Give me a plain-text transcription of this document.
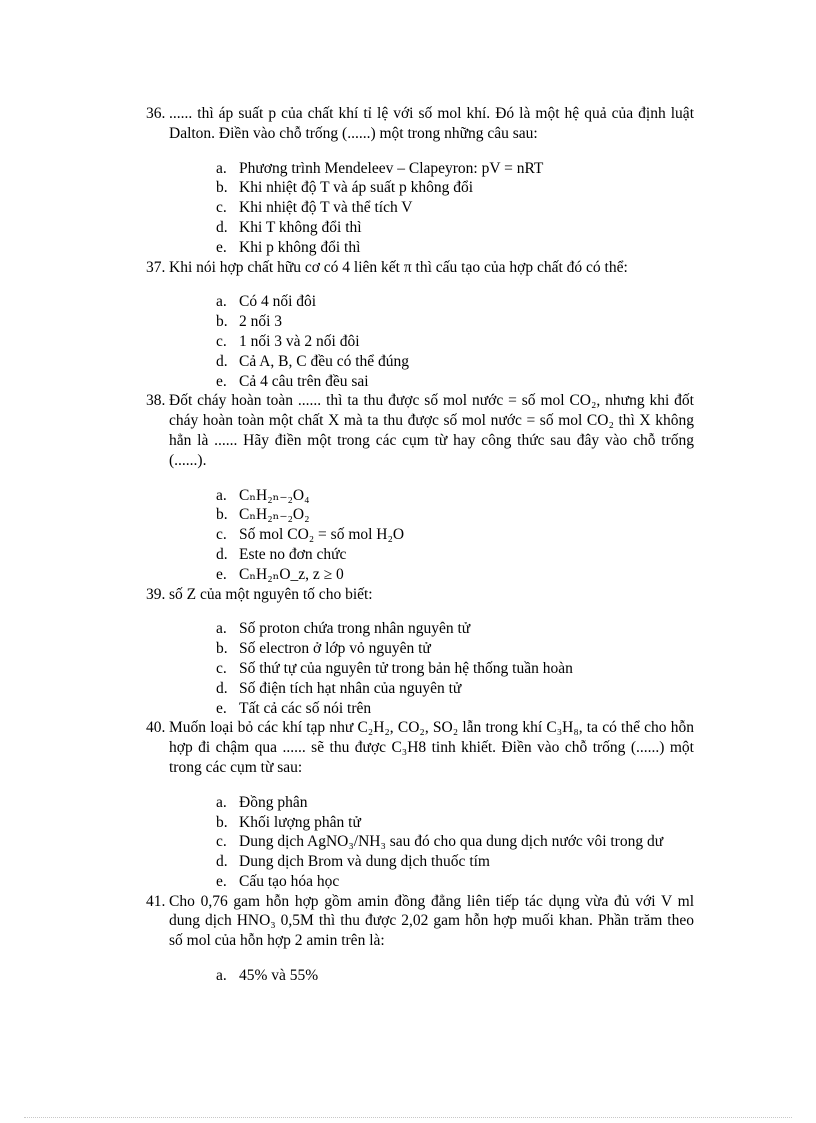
36. ...... thì áp suất p của chất khí tỉ lệ với số mol khí. Đó là một hệ quả của định luật Dalton. Điền vào chỗ trống (......) một trong những câu sau:
a. Phương trình Mendeleev – Clapeyron: pV = nRT
b. Khi nhiệt độ T và áp suất p không đổi
c. Khi nhiệt độ T và thể tích V
d. Khi T không đổi thì
e. Khi p không đổi thì
37. Khi nói hợp chất hữu cơ có 4 liên kết π thì cấu tạo của hợp chất đó có thể:
a. Có 4 nối đôi
b. 2 nối 3
c. 1 nối 3 và 2 nối đôi
d. Cả A, B, C đều có thể đúng
e. Cả 4 câu trên đều sai
38. Đốt cháy hoàn toàn ...... thì ta thu được số mol nước = số mol CO₂, nhưng khi đốt cháy hoàn toàn một chất X mà ta thu được số mol nước = số mol CO₂ thì X không hẳn là ...... Hãy điền một trong các cụm từ hay công thức sau đây vào chỗ trống (......).
a. CₙH₂ₙ₋₂O₄
b. CₙH₂ₙ₋₂O₂
c. Số mol CO₂ = số mol H₂O
d. Este no đơn chức
e. CₙH₂ₙO_z, z ≥ 0
39. số Z của một nguyên tố cho biết:
a. Số proton chứa trong nhân nguyên tử
b. Số electron ở lớp vỏ nguyên tử
c. Số thứ tự của nguyên tử trong bản hệ thống tuần hoàn
d. Số điện tích hạt nhân của nguyên tử
e. Tất cả các số nói trên
40. Muốn loại bỏ các khí tạp như C₂H₂, CO₂, SO₂ lẫn trong khí C₃H₈, ta có thể cho hỗn hợp đi chậm qua ...... sẽ thu được C₃H8 tinh khiết. Điền vào chỗ trống (......) một trong các cụm từ sau:
a. Đồng phân
b. Khối lượng phân tử
c. Dung dịch AgNO₃/NH₃ sau đó cho qua dung dịch nước vôi trong dư
d. Dung dịch Brom và dung dịch thuốc tím
e. Cấu tạo hóa học
41. Cho 0,76 gam hỗn hợp gồm amin đồng đẳng liên tiếp tác dụng vừa đủ với V ml dung dịch HNO₃ 0,5M thì thu được 2,02 gam hỗn hợp muối khan. Phần trăm theo số mol của hỗn hợp 2 amin trên là:
a. 45% và 55%
